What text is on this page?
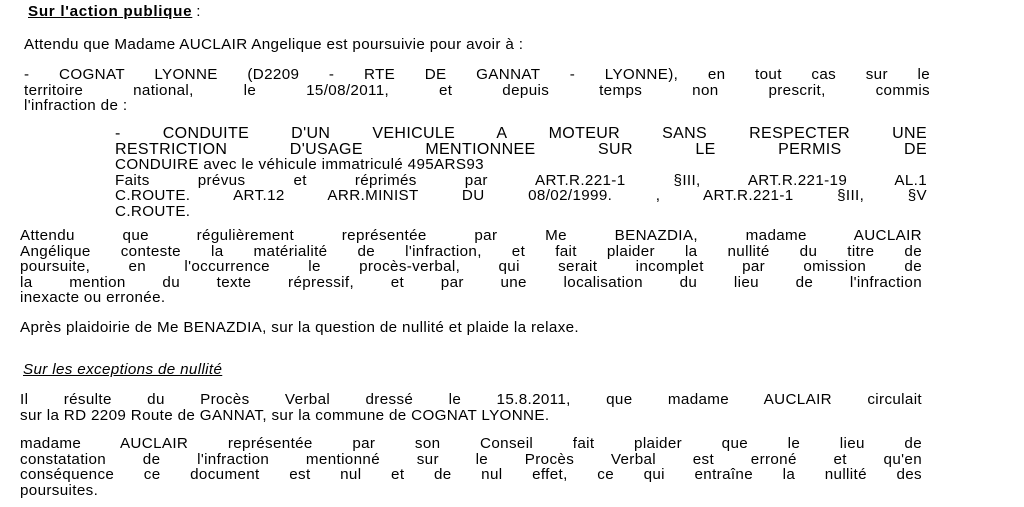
Sur l'action publique :
Attendu que Madame AUCLAIR Angelique est poursuivie pour avoir à :
- COGNAT LYONNE (D2209 - RTE DE GANNAT - LYONNE), en tout cas sur le
territoire national, le 15/08/2011, et depuis temps non prescrit, commis
l'infraction de :
- CONDUITE D'UN VEHICULE A MOTEUR SANS RESPECTER UNE
RESTRICTION D'USAGE MENTIONNEE SUR LE PERMIS DE
CONDUIRE avec le véhicule immatriculé 495ARS93
Faits prévus et réprimés par ART.R.221-1 §III, ART.R.221-19 AL.1
C.ROUTE. ART.12 ARR.MINIST DU 08/02/1999. , ART.R.221-1 §III, §V
C.ROUTE.
Attendu que régulièrement représentée par Me BENAZDIA, madame AUCLAIR
Angélique conteste la matérialité de l'infraction, et fait plaider la nullité du titre de
poursuite, en l'occurrence le procès-verbal, qui serait incomplet par omission de
la mention du texte répressif, et par une localisation du lieu de l'infraction
inexacte ou erronée.
Après plaidoirie de Me BENAZDIA, sur la question de nullité et plaide la relaxe.
Sur les exceptions de nullité
Il résulte du Procès Verbal dressé le 15.8.2011, que madame AUCLAIR circulait
sur la RD 2209 Route de GANNAT, sur la commune de COGNAT LYONNE.
madame AUCLAIR représentée par son Conseil fait plaider que le lieu de
constatation de l'infraction mentionné sur le Procès Verbal est erroné et qu'en
conséquence ce document est nul et de nul effet, ce qui entraîne la nullité des
poursuites.
